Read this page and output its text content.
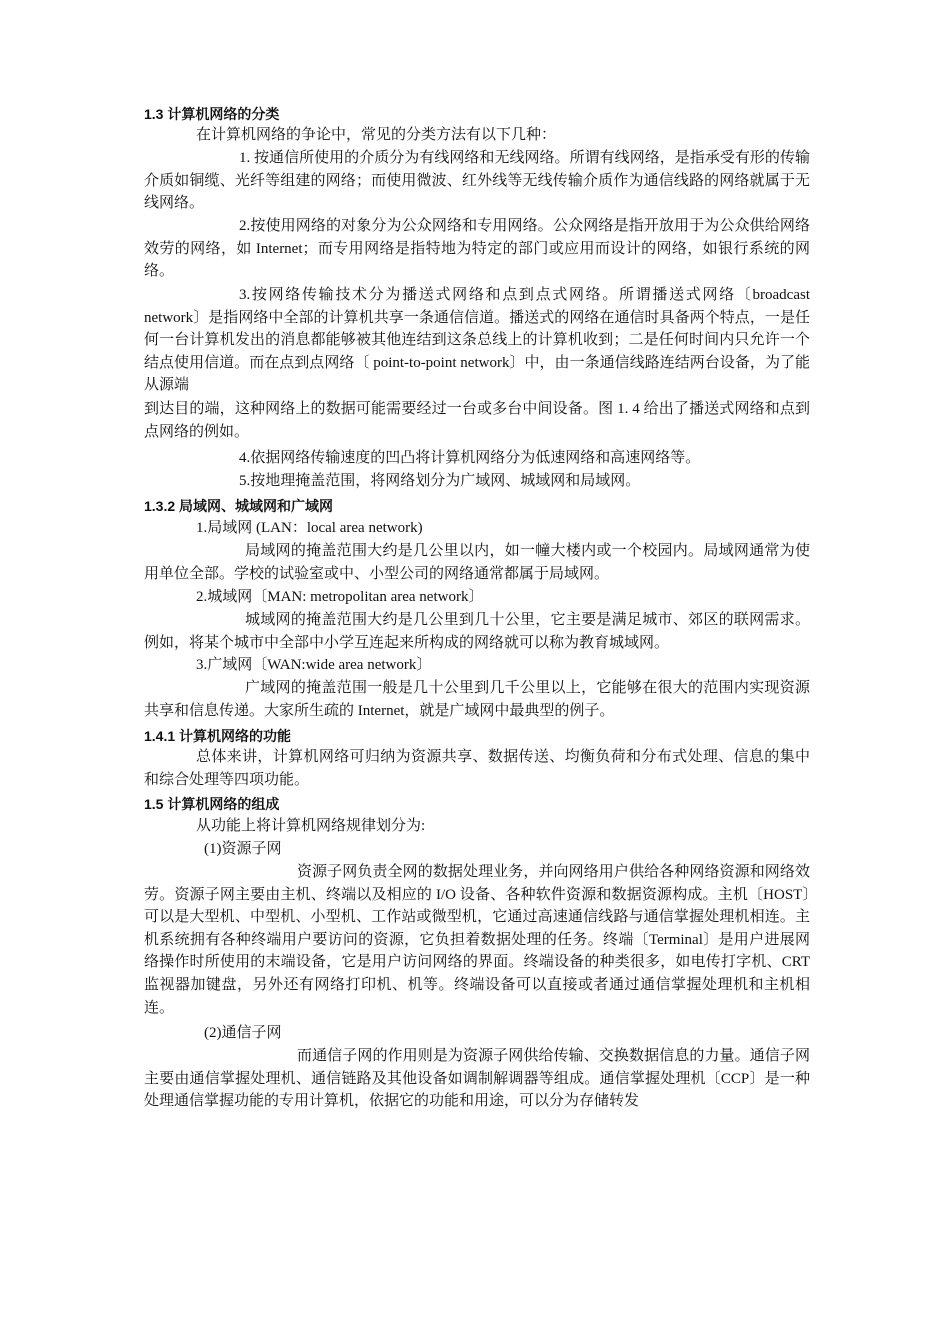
1.3 计算机网络的分类

在计算机网络的争论中，常见的分类方法有以下几种：

1. 按通信所使用的介质分为有线网络和无线网络。所谓有线网络，是指承受有形的传输介质如铜缆、光纤等组建的网络；而使用微波、红外线等无线传输介质作为通信线路的网络就属于无线网络。

2.按使用网络的对象分为公众网络和专用网络。公众网络是指开放用于为公众供给网络效劳的网络，如 Internet；而专用网络是指特地为特定的部门或应用而设计的网络，如银行系统的网络。

3.按网络传输技术分为播送式网络和点到点式网络。所谓播送式网络〔broadcast network〕是指网络中全部的计算机共享一条通信信道。播送式的网络在通信时具备两个特点，一是任何一台计算机发出的消息都能够被其他连结到这条总线上的计算机收到；二是任何时间内只允许一个结点使用信道。而在点到点网络〔 point-to-point network〕中，由一条通信线路连结两台设备，为了能从源端

到达目的端，这种网络上的数据可能需要经过一台或多台中间设备。图 1. 4 给出了播送式网络和点到点网络的例如。

4.依据网络传输速度的凹凸将计算机网络分为低速网络和高速网络等。

5.按地理掩盖范围，将网络划分为广域网、城域网和局域网。

1.3.2 局域网、城域网和广域网
1.局域网 (LAN：local area network)

局域网的掩盖范围大约是几公里以内，如一幢大楼内或一个校园内。局域网通常为使用单位全部。学校的试验室或中、小型公司的网络通常都属于局域网。

2.城域网〔MAN: metropolitan area network〕

城域网的掩盖范围大约是几公里到几十公里，它主要是满足城市、郊区的联网需求。例如，将某个城市中全部中小学互连起来所构成的网络就可以称为教育城域网。

3.广域网〔WAN:wide area network〕

广域网的掩盖范围一般是几十公里到几千公里以上，它能够在很大的范围内实现资源共享和信息传递。大家所生疏的 Internet，就是广域网中最典型的例子。

1.4.1 计算机网络的功能

总体来讲，计算机网络可归纳为资源共享、数据传送、均衡负荷和分布式处理、信息的集中和综合处理等四项功能。

1.5 计算机网络的组成

从功能上将计算机网络规律划分为:

(1)资源子网

资源子网负责全网的数据处理业务，并向网络用户供给各种网络资源和网络效劳。资源子网主要由主机、终端以及相应的 I/O 设备、各种软件资源和数据资源构成。主机〔HOST〕可以是大型机、中型机、小型机、工作站或微型机，它通过高速通信线路与通信掌握处理机相连。主机系统拥有各种终端用户要访问的资源，它负担着数据处理的任务。终端〔Terminal〕是用户进展网络操作时所使用的末端设备，它是用户访问网络的界面。终端设备的种类很多，如电传打字机、CRT 监视器加键盘，另外还有网络打印机、机等。终端设备可以直接或者通过通信掌握处理机和主机相连。

(2)通信子网

而通信子网的作用则是为资源子网供给传输、交换数据信息的力量。通信子网主要由通信掌握处理机、通信链路及其他设备如调制解调器等组成。通信掌握处理机〔CCP〕是一种处理通信掌握功能的专用计算机，依据它的功能和用途，可以分为存储转发
